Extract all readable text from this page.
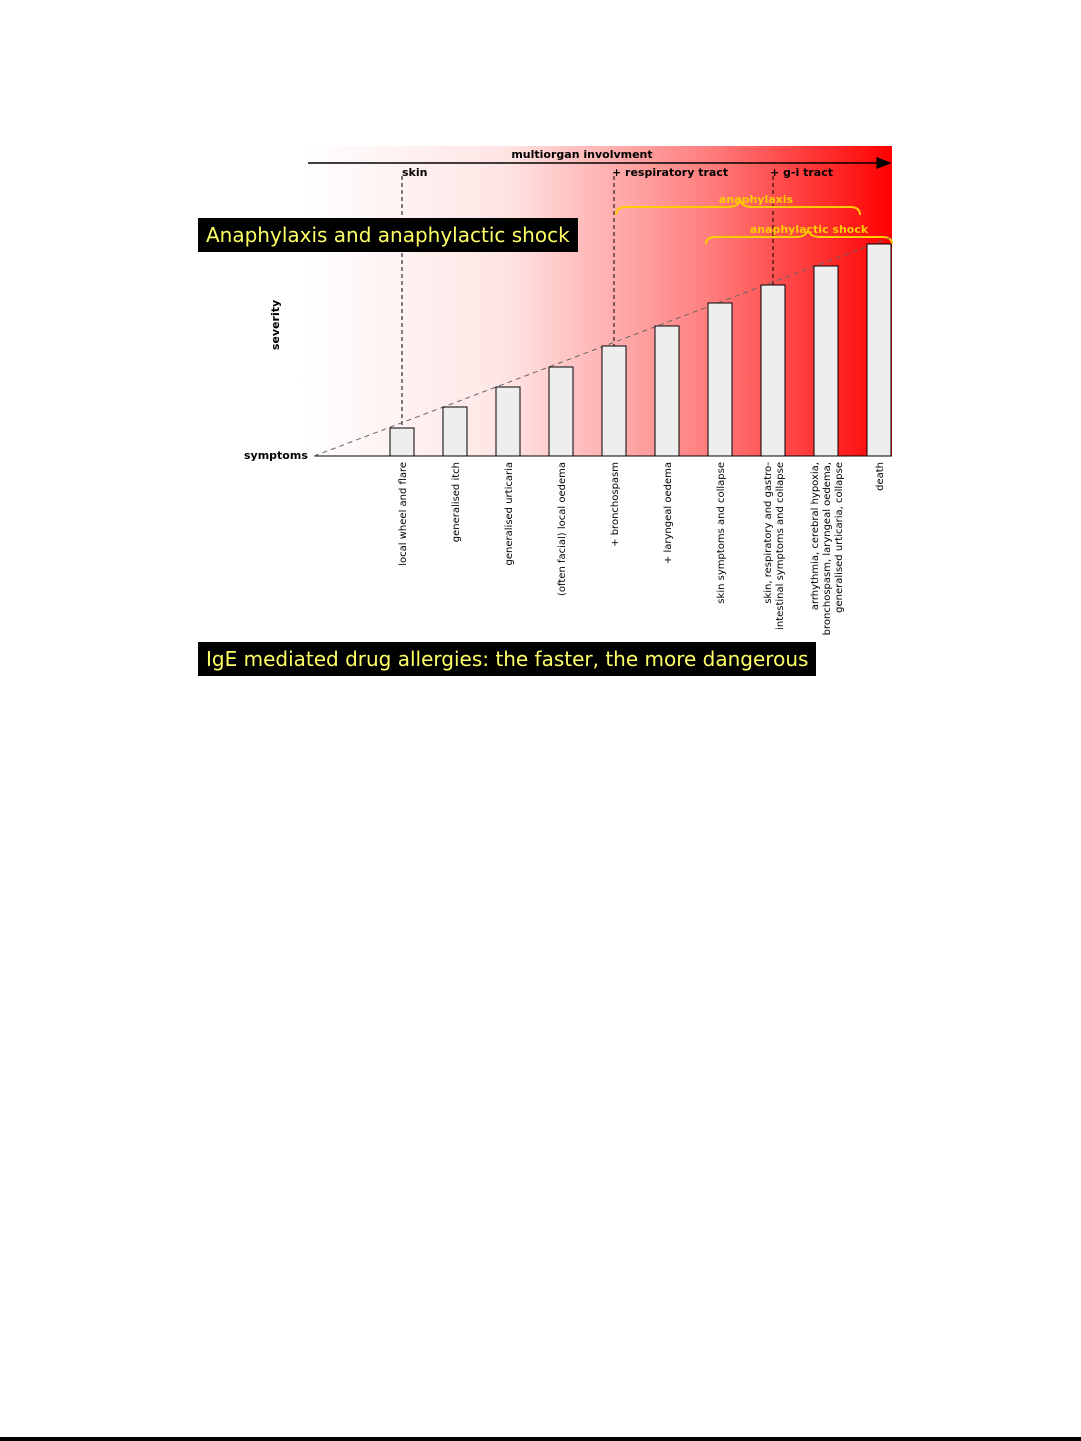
multiorgan involvment
skin	+ respiratory tract	+ g-i tract
anaphylaxis
anaphylactic shock
severity
symptoms
local wheel and flare	generalised itch	generalised urticaria	(often facial) local oedema	+ bronchospasm	+ laryngeal oedema	skin symptoms and collapse	skin, respiratory and gastro- intestinal symptoms and collapse arrhythmia, cerebral hypoxia, bronchospasm, laryngeal oedema, generalised urticaria, collapse	death
Anaphylaxis and anaphylactic shock
IgE mediated drug allergies: the faster, the more dangerous
